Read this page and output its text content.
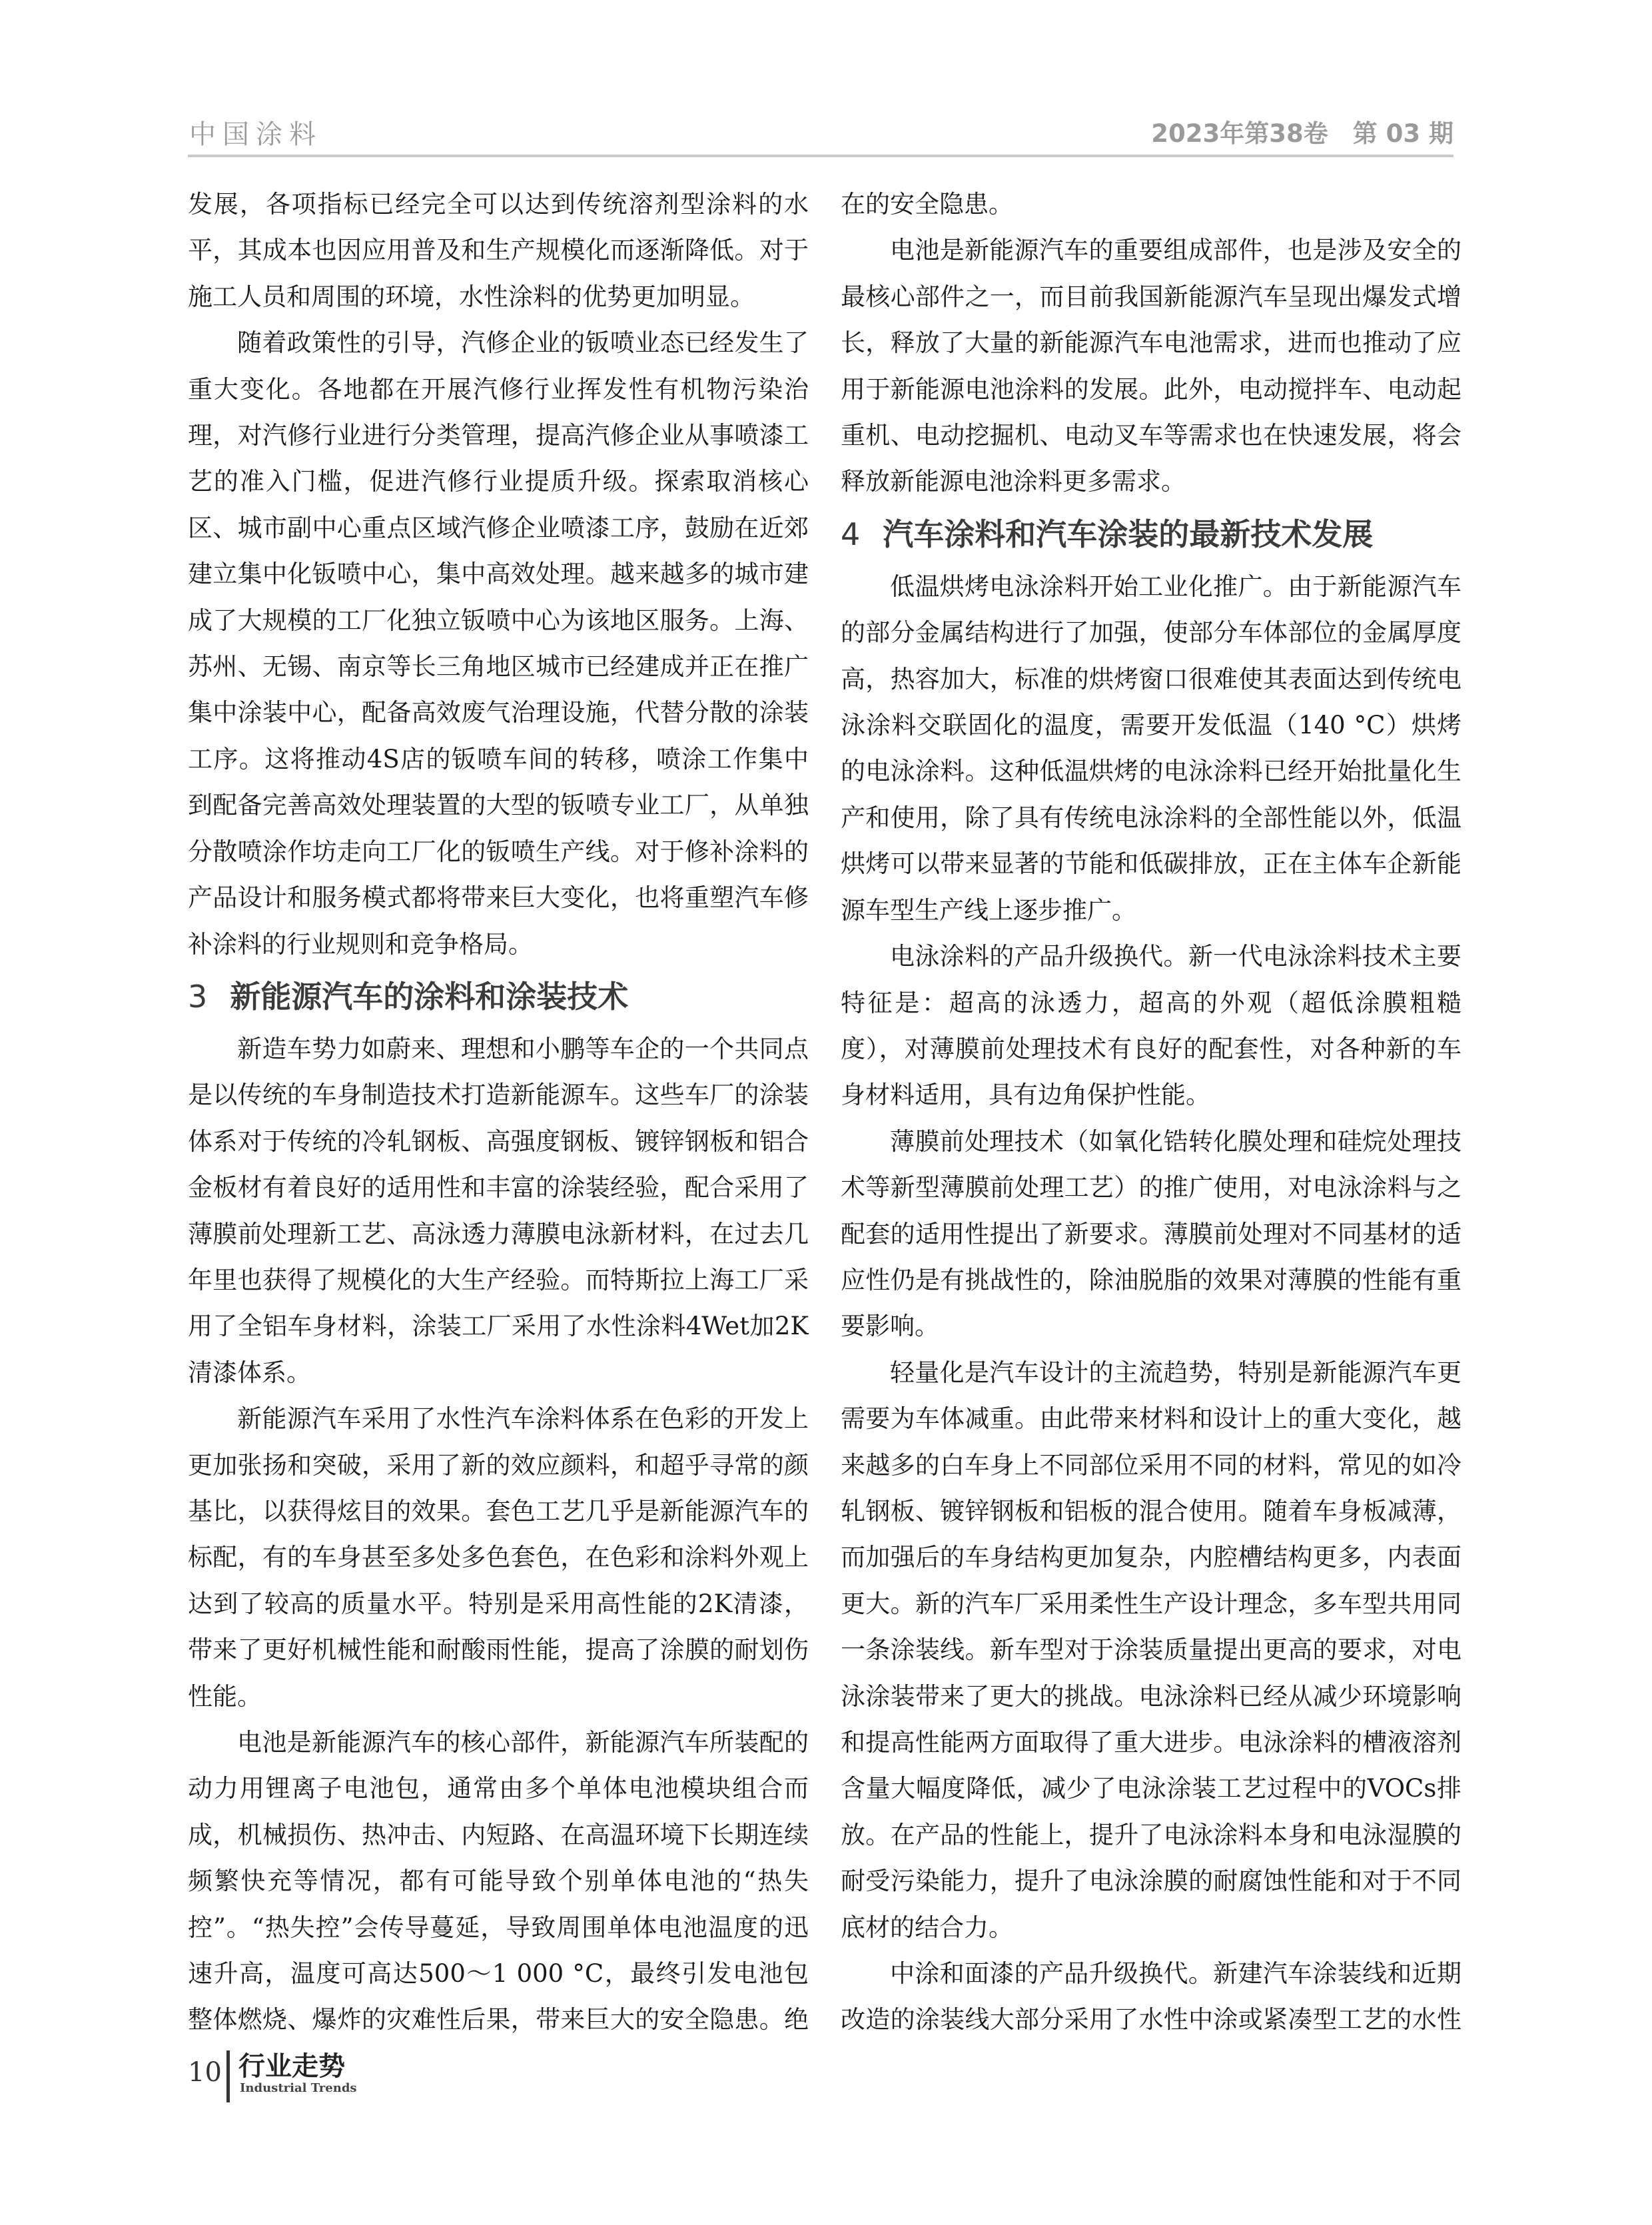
中国涂料	2023年第38卷　第 03 期

发展，各项指标已经完全可以达到传统溶剂型涂料的水平，其成本也因应用普及和生产规模化而逐渐降低。对于施工人员和周围的环境，水性涂料的优势更加明显。

随着政策性的引导，汽修企业的钣喷业态已经发生了重大变化。各地都在开展汽修行业挥发性有机物污染治理，对汽修行业进行分类管理，提高汽修企业从事喷漆工艺的准入门槛，促进汽修行业提质升级。探索取消核心区、城市副中心重点区域汽修企业喷漆工序，鼓励在近郊建立集中化钣喷中心，集中高效处理。越来越多的城市建成了大规模的工厂化独立钣喷中心为该地区服务。上海、苏州、无锡、南京等长三角地区城市已经建成并正在推广集中涂装中心，配备高效废气治理设施，代替分散的涂装工序。这将推动4S店的钣喷车间的转移，喷涂工作集中到配备完善高效处理装置的大型的钣喷专业工厂，从单独分散喷涂作坊走向工厂化的钣喷生产线。对于修补涂料的产品设计和服务模式都将带来巨大变化，也将重塑汽车修补涂料的行业规则和竞争格局。

3 新能源汽车的涂料和涂装技术

新造车势力如蔚来、理想和小鹏等车企的一个共同点是以传统的车身制造技术打造新能源车。这些车厂的涂装体系对于传统的冷轧钢板、高强度钢板、镀锌钢板和铝合金板材有着良好的适用性和丰富的涂装经验，配合采用了薄膜前处理新工艺、高泳透力薄膜电泳新材料，在过去几年里也获得了规模化的大生产经验。而特斯拉上海工厂采用了全铝车身材料，涂装工厂采用了水性涂料4Wet加2K清漆体系。

新能源汽车采用了水性汽车涂料体系在色彩的开发上更加张扬和突破，采用了新的效应颜料，和超乎寻常的颜基比，以获得炫目的效果。套色工艺几乎是新能源汽车的标配，有的车身甚至多处多色套色，在色彩和涂料外观上达到了较高的质量水平。特别是采用高性能的2K清漆，带来了更好机械性能和耐酸雨性能，提高了涂膜的耐划伤性能。

电池是新能源汽车的核心部件，新能源汽车所装配的动力用锂离子电池包，通常由多个单体电池模块组合而成，机械损伤、热冲击、内短路、在高温环境下长期连续频繁快充等情况，都有可能导致个别单体电池的“热失控”。“热失控”会传导蔓延，导致周围单体电池温度的迅速升高，温度可高达500～1 000 °C，最终引发电池包整体燃烧、爆炸的灾难性后果，带来巨大的安全隐患。绝

在的安全隐患。

电池是新能源汽车的重要组成部件，也是涉及安全的最核心部件之一，而目前我国新能源汽车呈现出爆发式增长，释放了大量的新能源汽车电池需求，进而也推动了应用于新能源电池涂料的发展。此外，电动搅拌车、电动起重机、电动挖掘机、电动叉车等需求也在快速发展，将会释放新能源电池涂料更多需求。

4 汽车涂料和汽车涂装的最新技术发展

低温烘烤电泳涂料开始工业化推广。由于新能源汽车的部分金属结构进行了加强，使部分车体部位的金属厚度高，热容加大，标准的烘烤窗口很难使其表面达到传统电泳涂料交联固化的温度，需要开发低温（140 °C）烘烤的电泳涂料。这种低温烘烤的电泳涂料已经开始批量化生产和使用，除了具有传统电泳涂料的全部性能以外，低温烘烤可以带来显著的节能和低碳排放，正在主体车企新能源车型生产线上逐步推广。

电泳涂料的产品升级换代。新一代电泳涂料技术主要特征是：超高的泳透力，超高的外观（超低涂膜粗糙度），对薄膜前处理技术有良好的配套性，对各种新的车身材料适用，具有边角保护性能。

薄膜前处理技术（如氧化锆转化膜处理和硅烷处理技术等新型薄膜前处理工艺）的推广使用，对电泳涂料与之配套的适用性提出了新要求。薄膜前处理对不同基材的适应性仍是有挑战性的，除油脱脂的效果对薄膜的性能有重要影响。

轻量化是汽车设计的主流趋势，特别是新能源汽车更需要为车体减重。由此带来材料和设计上的重大变化，越来越多的白车身上不同部位采用不同的材料，常见的如冷轧钢板、镀锌钢板和铝板的混合使用。随着车身板减薄，而加强后的车身结构更加复杂，内腔槽结构更多，内表面更大。新的汽车厂采用柔性生产设计理念，多车型共用同一条涂装线。新车型对于涂装质量提出更高的要求，对电泳涂装带来了更大的挑战。电泳涂料已经从减少环境影响和提高性能两方面取得了重大进步。电泳涂料的槽液溶剂含量大幅度降低，减少了电泳涂装工艺过程中的VOCs排放。在产品的性能上，提升了电泳涂料本身和电泳湿膜的耐受污染能力，提升了电泳涂膜的耐腐蚀性能和对于不同底材的结合力。

中涂和面漆的产品升级换代。新建汽车涂装线和近期改造的涂装线大部分采用了水性中涂或紧凑型工艺的水性

10 行业走势
Industrial Trends
